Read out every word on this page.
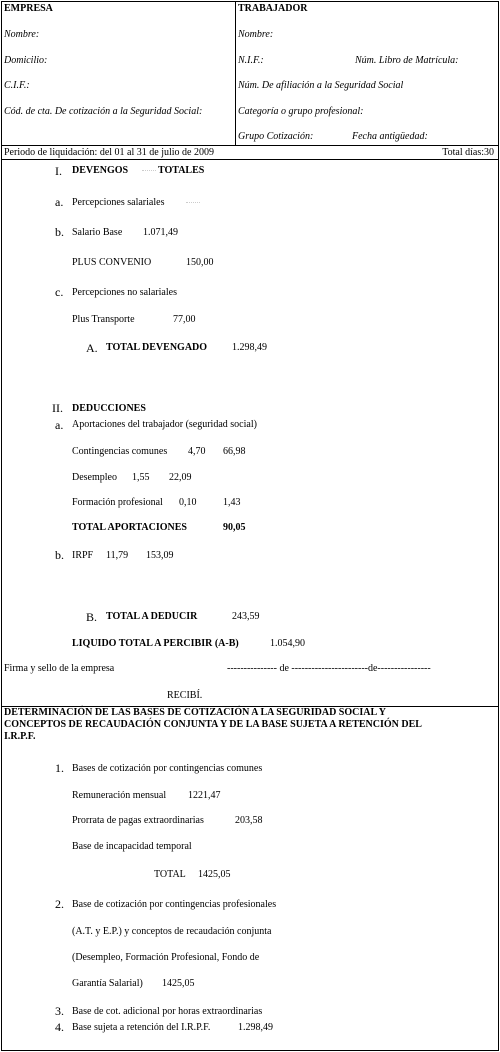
EMPRESA
Nombre:
Domicilio:
C.I.F.:
Cód. de cta. De cotización a la Seguridad Social:
TRABAJADOR
Nombre:
N.I.F.:	Núm. Libro de Matrícula:
Núm. De afiliación a la Seguridad Social
Categoría o grupo profesional:
Grupo Cotización:	Fecha antigüedad:
Periodo de liquidación: del 01 al 31 de julio de 2009	Total días:30
I. DEVENGOS	TOTALES
a. Percepciones salariales
b. Salario Base 1.071,49
PLUS CONVENIO	150,00
c. Percepciones no salariales
Plus Transporte	77,00
A. TOTAL DEVENGADO 1.298,49
II. DEDUCCIONES
a. Aportaciones del trabajador (seguridad social)
Contingencias comunes 4,70 66,98
Desempleo 1,55 22,09
Formación profesional 0,10	1,43
TOTAL APORTACIONES	90,05
b. IRPF 11,79 153,09
B. TOTAL A DEDUCIR	243,59
LIQUIDO TOTAL A PERCIBIR (A-B)	1.054,90
Firma y sello de la empresa	--------------- de -----------------------de----------------
RECIBÍ.
DETERMINACIÓN DE LAS BASES DE COTIZACIÓN A LA SEGURIDAD SOCIAL Y
CONCEPTOS DE RECAUDACIÓN CONJUNTA Y DE LA BASE SUJETA A RETENCIÓN DEL
I.R.P.F.
1. Bases de cotización por contingencias comunes
Remuneración mensual 1221,47
Prorrata de pagas extraordinarias	203,58
Base de incapacidad temporal
TOTAL 1425,05
2. Base de cotización por contingencias profesionales
(A.T. y E.P.) y conceptos de recaudación conjunta
(Desempleo, Formación Profesional, Fondo de
Garantía Salarial) 1425,05
3. Base de cot. adicional por horas extraordinarias
4. Base sujeta a retención del I.R.P.F.	1.298,49
